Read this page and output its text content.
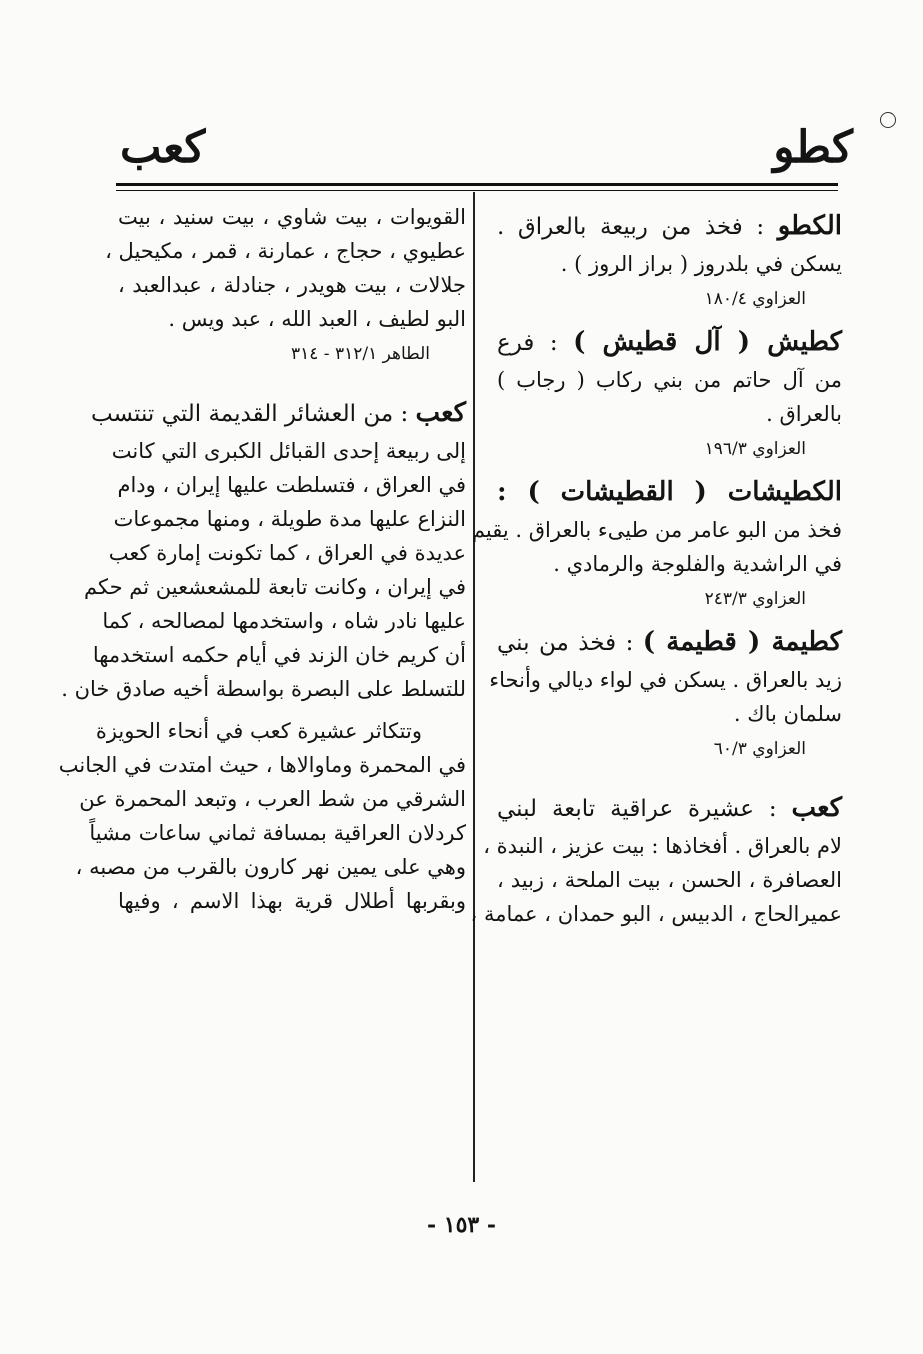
كطو
كعب
الكطو : فخذ من ربيعة بالعراق .
يسكن في بلدروز ( براز الروز ) .
العزاوي ١٨٠/٤
كطيش ( آل قطيش ) : فرع
من آل حاتم من بني ركاب ( رجاب )
بالعراق .
العزاوي ١٩٦/٣
الكطيشات ( القطيشات ) :
فخذ من البو عامر من طيىء بالعراق . يقيم
في الراشدية والفلوجة والرمادي .
العزاوي ٢٤٣/٣
كطيمة ( قطيمة ) : فخذ من بني
زيد بالعراق . يسكن في لواء ديالي وأنحاء
سلمان باك .
العزاوي ٦٠/٣
كعب : عشيرة عراقية تابعة لبني
لام بالعراق . أفخاذها : بيت عزيز ، النبدة ،
العصافرة ، الحسن ، بيت الملحة ، زبيد ،
عميرالحاج ، الدبيس ، البو حمدان ، عمامة ،
القويوات ، بيت شاوي ، بيت سنيد ، بيت
عطيوي ، حجاج ، عمارنة ، قمر ، مكيحيل ،
جلالات ، بيت هويدر ، جنادلة ، عبدالعبد ،
البو لطيف ، العبد الله ، عبد ويس .
الطاهر ٣١٢/١ - ٣١٤
كعب : من العشائر القديمة التي تنتسب
إلى ربيعة إحدى القبائل الكبرى التي كانت
في العراق ، فتسلطت عليها إيران ، ودام
النزاع عليها مدة طويلة ، ومنها مجموعات
عديدة في العراق ، كما تكونت إمارة كعب
في إيران ، وكانت تابعة للمشعشعين ثم حكم
عليها نادر شاه ، واستخدمها لمصالحه ، كما
أن كريم خان الزند في أيام حكمه استخدمها
للتسلط على البصرة بواسطة أخيه صادق خان .
وتتكاثر عشيرة كعب في أنحاء الحويزة
في المحمرة وماوالاها ، حيث امتدت في الجانب
الشرقي من شط العرب ، وتبعد المحمرة عن
كردلان العراقية بمسافة ثماني ساعات مشياً
وهي على يمين نهر كارون بالقرب من مصبه ،
وبقربها أطلال قرية بهذا الاسم ، وفيها
- ١٥٣ -
